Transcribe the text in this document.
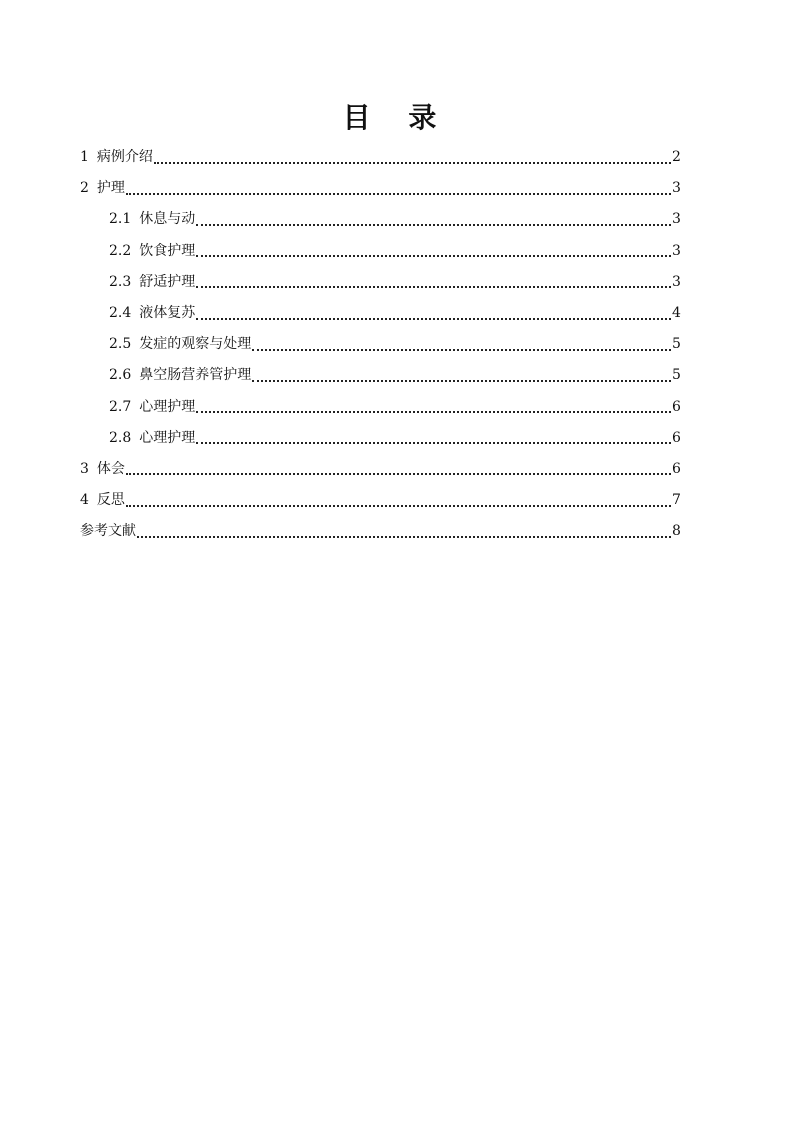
目 录
1 病例介绍	2
2 护理	3
2.1 休息与动	3
2.2 饮食护理	3
2.3 舒适护理	3
2.4 液体复苏	4
2.5 发症的观察与处理	5
2.6 鼻空肠营养管护理	5
2.7 心理护理	6
2.8 心理护理	6
3 体会	6
4 反思	7
参考文献	8
